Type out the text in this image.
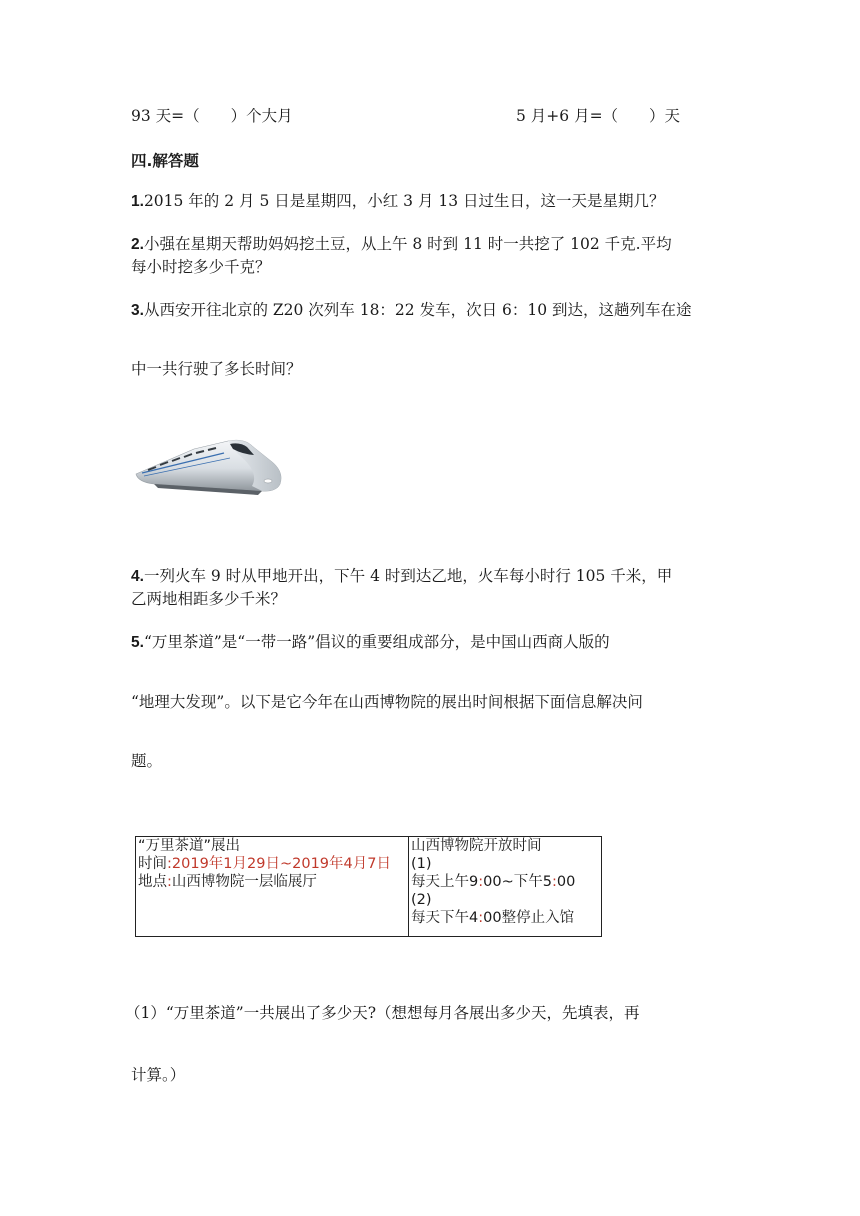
93 天=（　　）个大月	5 月+6 月=（　　）天
四.解答题
1.2015 年的 2 月 5 日是星期四，小红 3 月 13 日过生日，这一天是星期几？
2.小强在星期天帮助妈妈挖土豆，从上午 8 时到 11 时一共挖了 102 千克.平均
每小时挖多少千克？
3.从西安开往北京的 Z20 次列车 18：22 发车，次日 6：10 到达，这趟列车在途
中一共行驶了多长时间？
4.一列火车 9 时从甲地开出，下午 4 时到达乙地，火车每小时行 105 千米，甲
乙两地相距多少千米？
5.“万里茶道”是“一带一路”倡议的重要组成部分，是中国山西商人版的
“地理大发现”。以下是它今年在山西博物院的展出时间根据下面信息解决问
题。
“万里茶道”展出
时间:2019年1月29日~2019年4月7日
地点:山西博物院一层临展厅

山西博物院开放时间
(1)
每天上午9:00~下午5:00
(2)
每天下午4:00整停止入馆
（1）“万里茶道”一共展出了多少天?（想想每月各展出多少天，先填表，再
计算。）
